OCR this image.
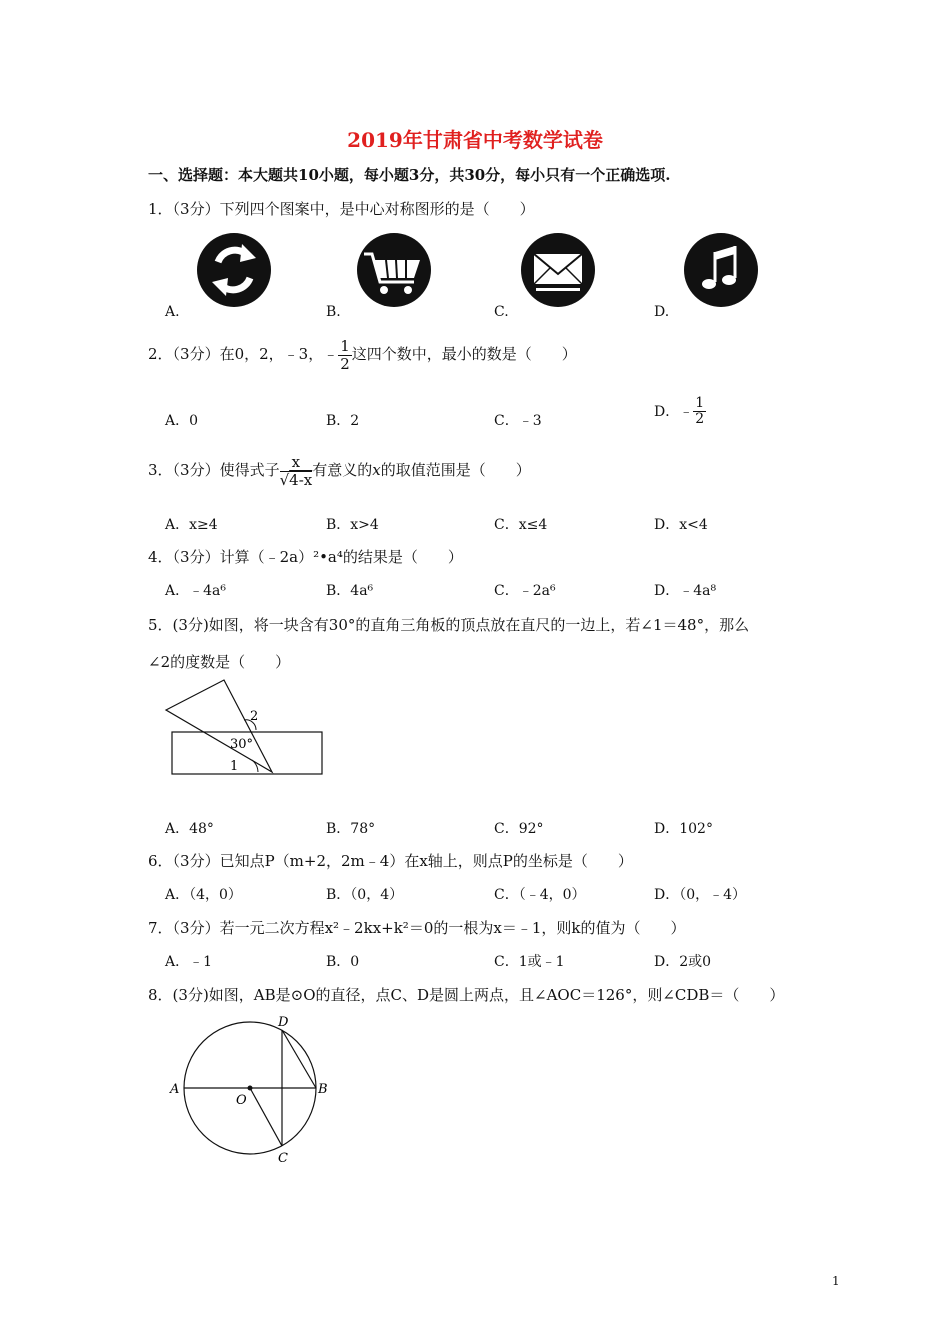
2019年甘肃省中考数学试卷
一、选择题：本大题共10小题，每小题3分，共30分，每小只有一个正确选项.
1．（3分）下列四个图案中，是中心对称图形的是（　　）
A.	B.	C.	D.
2．（3分）在0，2，﹣3，﹣ $\frac{1}{2}$ 这四个数中，最小的数是（　　）
A．0	B．2	C．﹣3
D．﹣ $\frac{1}{2}$
3．（3分）使得式子 $\frac{x}{√4-x}$ 有意义的x的取值范围是（　　）
A．x≥4	B．x>4	C．x≤4	D．x<4
4．（3分）计算（﹣2a）²•a⁴的结果是（　　）
A．﹣4a⁶	B．4a⁶	C．﹣2a⁶	D．﹣4a⁸
5．(3分)如图，将一块含有30°的直角三角板的顶点放在直尺的一边上，若∠1＝48°，那么
∠2的度数是（　　）
2
30°
1
A．48°	B．78°	C．92°	D．102°
6．（3分）已知点P（m+2，2m﹣4）在x轴上，则点P的坐标是（　　）
A．（4，0）	B．（0，4）	C．（﹣4，0）	D．（0，﹣4）
7．（3分）若一元二次方程x²﹣2kx+k²＝0的一根为x＝﹣1，则k的值为（　　）
A．﹣1	B．0	C．1或﹣1	D．2或0
8．(3分)如图，AB是⊙O的直径，点C、D是圆上两点，且∠AOC＝126°，则∠CDB＝（　　）
A	B
O
C
D
1
